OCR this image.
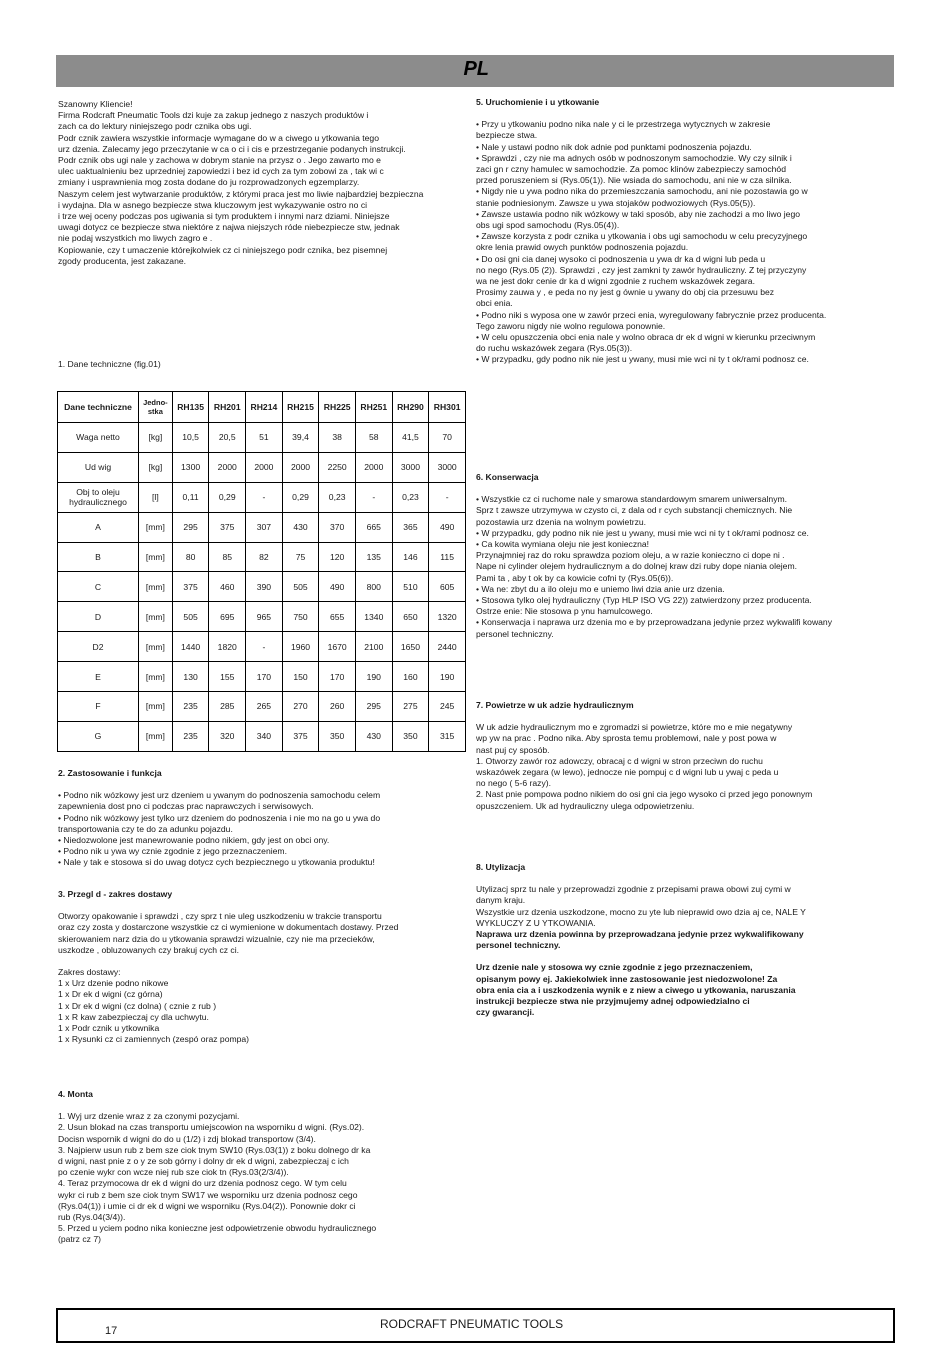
PL

Szanowny Kliencie!
Firma Rodcraft Pneumatic Tools dzi kuje za zakup jednego z naszych produktów i
zach ca do lektury niniejszego podr cznika obs ugi.
Podr cznik zawiera wszystkie informacje wymagane do w a ciwego u ytkowania tego
urz dzenia. Zalecamy jego przeczytanie w ca o ci i cis e przestrzeganie podanych instrukcji.
Podr cznik obs ugi nale y zachowa w dobrym stanie na przysz o . Jego zawarto mo e
ulec uaktualnieniu bez uprzedniej zapowiedzi i bez id cych za tym zobowi za , tak wi c
zmiany i usprawnienia mog zosta dodane do ju rozprowadzonych egzemplarzy.
Naszym celem jest wytwarzanie produktów, z którymi praca jest mo liwie najbardziej bezpieczna
i wydajna. Dla w asnego bezpiecze stwa kluczowym jest wykazywanie ostro no ci
i trze wej oceny podczas pos ugiwania si tym produktem i innymi narz dziami. Niniejsze
uwagi dotycz ce bezpiecze stwa niektóre z najwa niejszych róde niebezpiecze stw, jednak
nie podaj wszystkich mo liwych zagro e .
Kopiowanie, czy t umaczenie którejkolwiek cz ci niniejszego podr cznika, bez pisemnej
zgody producenta, jest zakazane.

1. Dane techniczne (fig.01)

Dane techniczne	Jedno-
stka	RH135	RH201	RH214	RH215	RH225	RH251	RH290	RH301
Waga netto	[kg]	10,5	20,5	51	39,4	38	58	41,5	70
Ud wig	[kg]	1300	2000	2000	2000	2250	2000	3000	3000
Obj to oleju
hydraulicznego	[l]	0,11	0,29	-	0,29	0,23	-	0,23	-
A	[mm]	295	375	307	430	370	665	365	490
B	[mm]	80	85	82	75	120	135	146	115
C	[mm]	375	460	390	505	490	800	510	605
D	[mm]	505	695	965	750	655	1340	650	1320
D2	[mm]	1440	1820	-	1960	1670	2100	1650	2440
E	[mm]	130	155	170	150	170	190	160	190
F	[mm]	235	285	265	270	260	295	275	245
G	[mm]	235	320	340	375	350	430	350	315
2. Zastosowanie i funkcja

• Podno nik wózkowy jest urz dzeniem u ywanym do podnoszenia samochodu celem
zapewnienia dost pno ci podczas prac naprawczych i serwisowych.
• Podno nik wózkowy jest tylko urz dzeniem do podnoszenia i nie mo na go u ywa do
transportowania czy te do za adunku pojazdu.
• Niedozwolone jest manewrowanie podno nikiem, gdy jest on obci ony.
• Podno nik u ywa wy cznie zgodnie z jego przeznaczeniem.
• Nale y tak e stosowa si do uwag dotycz cych bezpiecznego u ytkowania produktu!

3. Przegl d - zakres dostawy

Otworzy opakowanie i sprawdzi , czy sprz t nie uleg uszkodzeniu w trakcie transportu
oraz czy zosta y dostarczone wszystkie cz ci wymienione w dokumentach dostawy. Przed
skierowaniem narz dzia do u ytkowania sprawdzi wizualnie, czy nie ma przecieków,
uszkodze , obluzowanych czy brakuj cych cz ci.

Zakres dostawy:
1 x Urz dzenie podno nikowe
1 x Dr ek d wigni (cz górna)
1 x Dr ek d wigni (cz dolna) ( cznie z rub )
1 x R kaw zabezpieczaj cy dla uchwytu.
1 x Podr cznik u ytkownika
1 x Rysunki cz ci zamiennych (zespó oraz pompa)

4. Monta

1. Wyj urz dzenie wraz z za czonymi pozycjami.
2. Usun blokad na czas transportu umiejscowion na wsporniku d wigni. (Rys.02).
Docisn wspornik d wigni do do u (1/2) i zdj blokad transportow (3/4).
3. Najpierw usun rub z bem sze ciok tnym SW10 (Rys.03(1)) z boku dolnego dr ka
d wigni, nast pnie z o y ze sob górny i dolny dr ek d wigni, zabezpieczaj c ich
po czenie wykr con wcze niej rub sze ciok tn (Rys.03(2/3/4)).
4. Teraz przymocowa dr ek d wigni do urz dzenia podnosz cego. W tym celu
wykr ci rub z bem sze ciok tnym SW17 we wsporniku urz dzenia podnosz cego
(Rys.04(1)) i umie ci dr ek d wigni we wsporniku (Rys.04(2)). Ponownie dokr ci
rub (Rys.04(3/4)).
5. Przed u yciem podno nika konieczne jest odpowietrzenie obwodu hydraulicznego
(patrz cz 7)

5. Uruchomienie i u ytkowanie

• Przy u ytkowaniu podno nika nale y ci le przestrzega wytycznych w zakresie
bezpiecze stwa.
• Nale y ustawi podno nik dok adnie pod punktami podnoszenia pojazdu.
• Sprawdzi , czy nie ma adnych osób w podnoszonym samochodzie. Wy czy silnik i
zaci gn r czny hamulec w samochodzie. Za pomoc klinów zabezpieczy samochód
przed poruszeniem si (Rys.05(1)). Nie wsiada do samochodu, ani nie w cza silnika.
• Nigdy nie u ywa podno nika do przemieszczania samochodu, ani nie pozostawia go w
stanie podniesionym. Zawsze u ywa stojaków podwoziowych (Rys.05(5)).
• Zawsze ustawia podno nik wózkowy w taki sposób, aby nie zachodzi a mo liwo jego
obs ugi spod samochodu (Rys.05(4)).
• Zawsze korzysta z podr cznika u ytkowania i obs ugi samochodu w celu precyzyjnego
okre lenia prawid owych punktów podnoszenia pojazdu.
• Do osi gni cia danej wysoko ci podnoszenia u ywa dr ka d wigni lub peda u
no nego (Rys.05 (2)). Sprawdzi , czy jest zamkni ty zawór hydrauliczny. Z tej przyczyny
wa ne jest dokr cenie dr ka d wigni zgodnie z ruchem wskazówek zegara.
Prosimy zauwa y , e peda no ny jest g ównie u ywany do obj cia przesuwu bez
obci enia.
• Podno niki s wyposa one w zawór przeci enia, wyregulowany fabrycznie przez producenta.
Tego zaworu nigdy nie wolno regulowa ponownie.
• W celu opuszczenia obci enia nale y wolno obraca dr ek d wigni w kierunku przeciwnym
do ruchu wskazówek zegara (Rys.05(3)).
• W przypadku, gdy podno nik nie jest u ywany, musi mie wci ni ty t ok/rami podnosz ce.

6. Konserwacja

• Wszystkie cz ci ruchome nale y smarowa standardowym smarem uniwersalnym.
Sprz t zawsze utrzymywa w czysto ci, z dala od r cych substancji chemicznych. Nie
pozostawia urz dzenia na wolnym powietrzu.
• W przypadku, gdy podno nik nie jest u ywany, musi mie wci ni ty t ok/rami podnosz ce.
• Ca kowita wymiana oleju nie jest konieczna!
Przynajmniej raz do roku sprawdza poziom oleju, a w razie konieczno ci dope ni .
Nape ni cylinder olejem hydraulicznym a do dolnej kraw dzi ruby dope niania olejem.
Pami ta , aby t ok by ca kowicie cofni ty (Rys.05(6)).
• Wa ne: zbyt du a ilo oleju mo e uniemo liwi dzia anie urz dzenia.
• Stosowa tylko olej hydrauliczny (Typ HLP ISO VG 22)) zatwierdzony przez producenta.
Ostrze enie: Nie stosowa p ynu hamulcowego.
• Konserwacja i naprawa urz dzenia mo e by przeprowadzana jedynie przez wykwalifi kowany
personel techniczny.

7. Powietrze w uk adzie hydraulicznym

W uk adzie hydraulicznym mo e zgromadzi si powietrze, które mo e mie negatywny
wp yw na prac . Podno nika. Aby sprosta temu problemowi, nale y post powa w
nast puj cy sposób.
1. Otworzy zawór roz adowczy, obracaj c d wigni w stron przeciwn do ruchu
wskazówek zegara (w lewo), jednocze nie pompuj c d wigni lub u ywaj c peda u
no nego ( 5-6 razy).
2. Nast pnie pompowa podno nikiem do osi gni cia jego wysoko ci przed jego ponownym
opuszczeniem. Uk ad hydrauliczny ulega odpowietrzeniu.

8. Utylizacja

Utylizacj sprz tu nale y przeprowadzi zgodnie z przepisami prawa obowi zuj cymi w
danym kraju.
Wszystkie urz dzenia uszkodzone, mocno zu yte lub nieprawid owo dzia aj ce, NALE Y
WYKLUCZY Z U YTKOWANIA.

Naprawa urz dzenia powinna by przeprowadzana jedynie przez wykwalifikowany
personel techniczny.

Urz dzenie nale y stosowa wy cznie zgodnie z jego przeznaczeniem,
opisanym powy ej. Jakiekolwiek inne zastosowanie jest niedozwolone! Za
obra enia cia a i uszkodzenia wynik e z niew a ciwego u ytkowania, naruszania
instrukcji bezpiecze stwa nie przyjmujemy adnej odpowiedzialno ci
czy gwarancji.

17	RODCRAFT PNEUMATIC TOOLS
